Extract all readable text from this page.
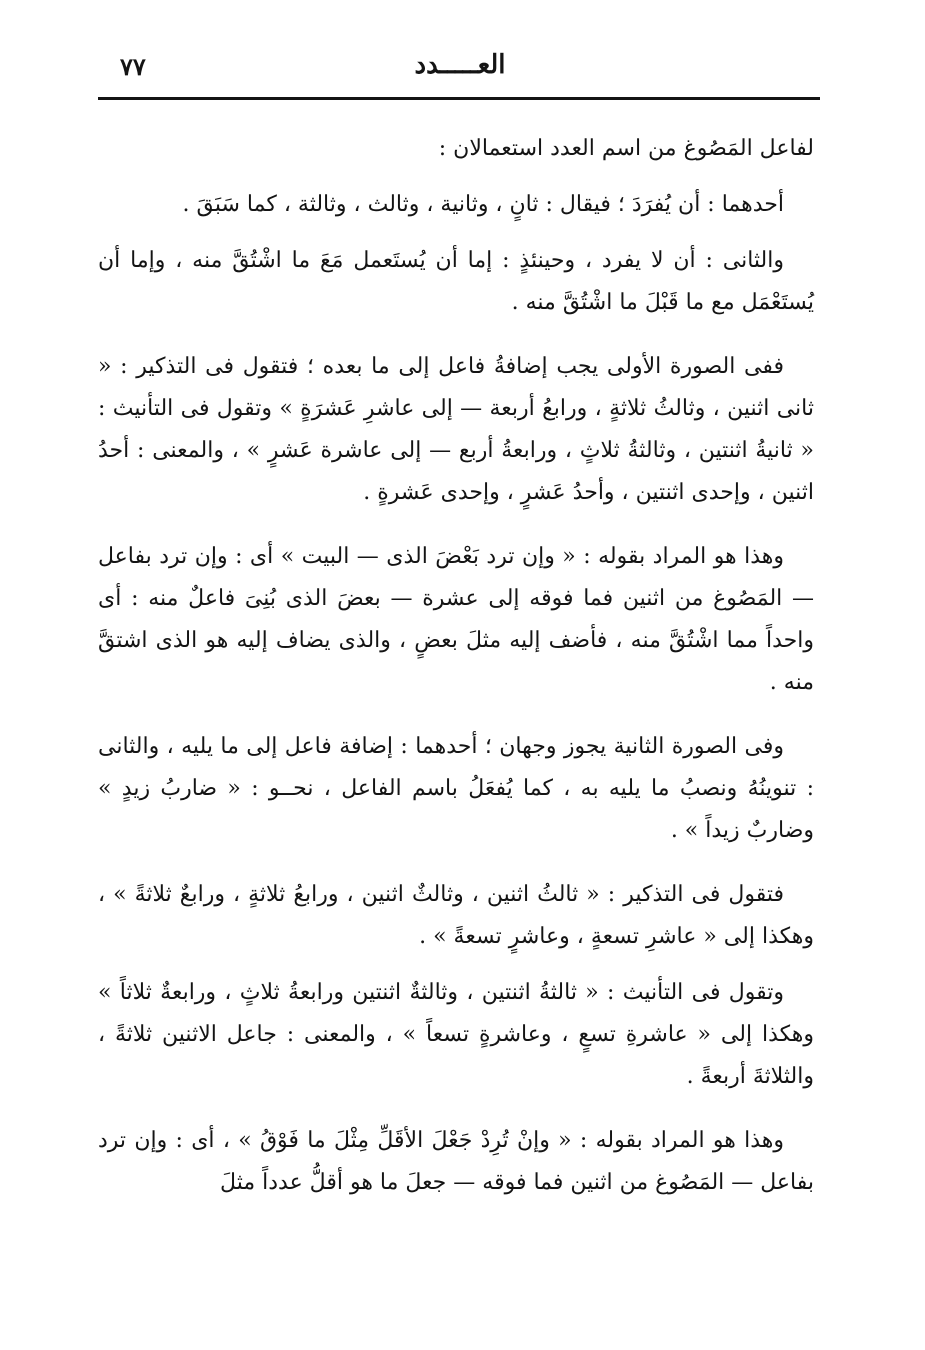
٧٧	العـــــدد

لفاعل المَصُوغ من اسم العدد استعمالان :

أحدهما : أن يُفرَدَ ؛ فيقال : ثانٍ ، وثانية ، وثالث ، وثالثة ، كما سَبَقَ .

والثانى : أن لا يفرد ، وحينئذٍ : إما أن يُستَعمل مَعَ ما اشْتُقَّ منه ، وإما أن يُستَعْمَل مع ما قَبْلَ ما اشْتُقَّ منه .

ففى الصورة الأولى يجب إضافةُ فاعل إلى ما بعده ؛ فتقول فى التذكير : « ثانى اثنين ، وثالثُ ثلاثةٍ ، ورابعُ أربعة — إلى عاشرِ عَشرَةٍ » وتقول فى التأنيث : « ثانيةُ اثنتين ، وثالثةُ ثلاثٍ ، ورابعةُ أربع — إلى عاشرة عَشرٍ » ، والمعنى : أحدُ اثنين ، وإحدى اثنتين ، وأحدُ عَشرٍ ، وإحدى عَشرةٍ .

وهذا هو المراد بقوله : « وإن ترد بَعْضَ الذى — البيت » أى : وإن ترد بفاعل — المَصُوغ من اثنين فما فوقه إلى عشرة — بعضَ الذى بُنِىَ فاعلٌ منه : أى واحداً مما اشْتُقَّ منه ، فأضف إليه مثلَ بعضٍ ، والذى يضاف إليه هو الذى اشتقَّ منه .

وفى الصورة الثانية يجوز وجهان ؛ أحدهما : إضافة فاعل إلى ما يليه ، والثانى : تنوينُهُ ونصبُ ما يليه به ، كما يُفعَلُ باسم الفاعل ، نحــو : « ضاربُ زيدٍ » وضاربٌ زيداً » .

فتقول فى التذكير : « ثالثُ اثنين ، وثالثٌ اثنين ، ورابعُ ثلاثةٍ ، ورابعٌ ثلاثةً » ، وهكذا إلى « عاشرِ تسعةٍ ، وعاشرٍ تسعةً » .

وتقول فى التأنيث : « ثالثةُ اثنتين ، وثالثةٌ اثنتين ورابعةُ ثلاثٍ ، ورابعةٌ ثلاثاً » وهكذا إلى « عاشرةِ تسعٍ ، وعاشرةٍ تسعاً » ، والمعنى : جاعل الاثنين ثلاثةً ، والثلاثةَ أربعةً .

وهذا هو المراد بقوله : « وإنْ تُرِدْ جَعْلَ الأقَلِّ مِثْلَ ما فَوْقُ » ، أى : وإن ترد بفاعل — المَصُوغ من اثنين فما فوقه — جعلَ ما هو أقلُّ عدداً مثلَ
